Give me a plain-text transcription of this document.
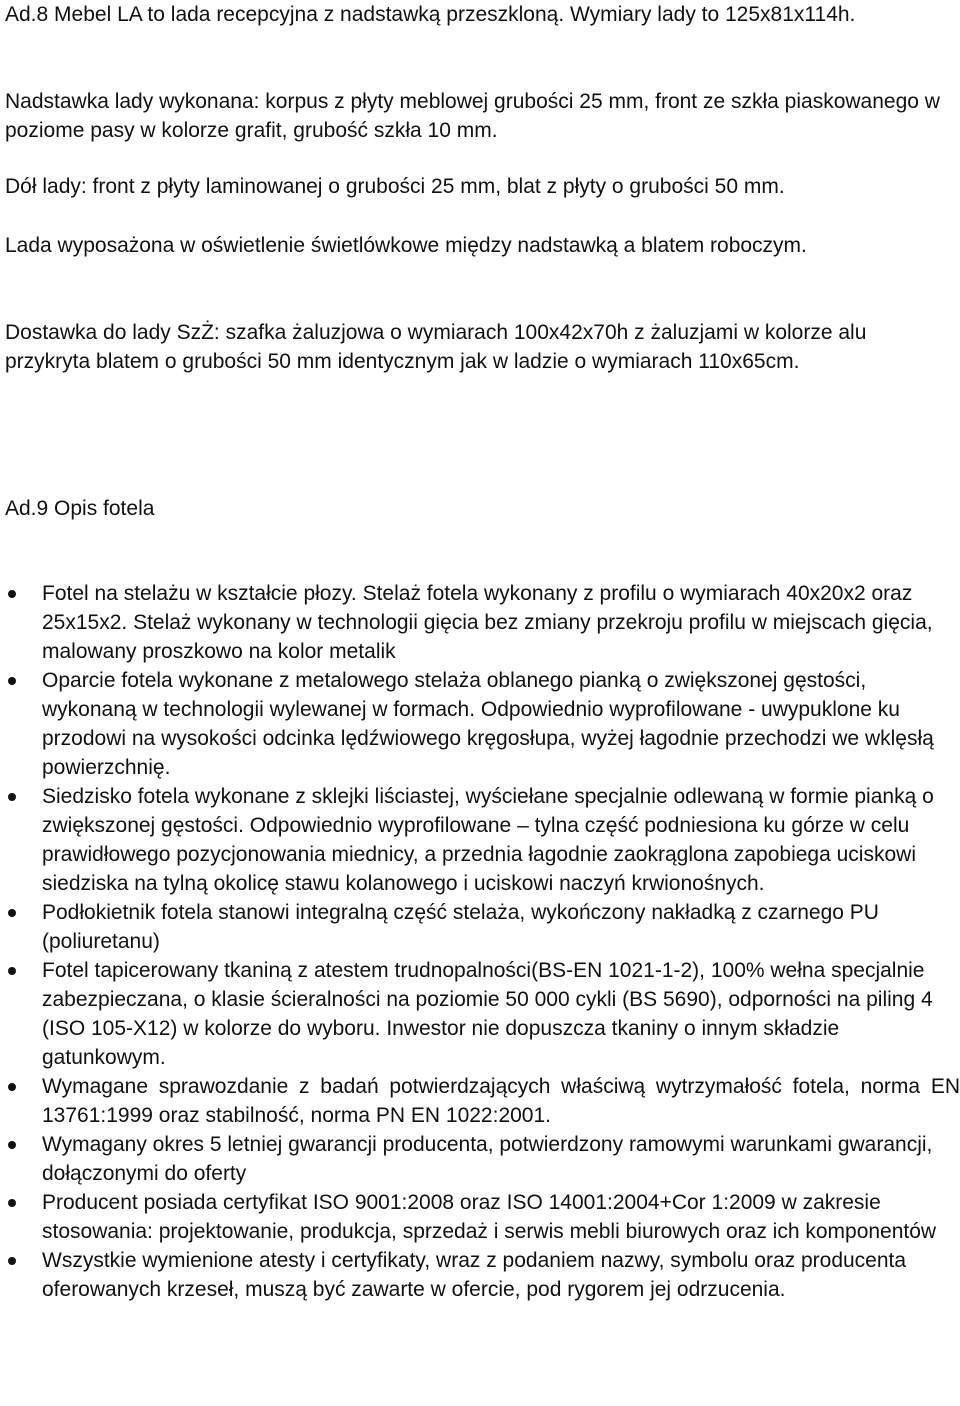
Ad.8 Mebel LA to lada recepcyjna z nadstawką przeszkloną. Wymiary lady to 125x81x114h.

Nadstawka lady wykonana: korpus z płyty meblowej grubości 25 mm, front ze szkła piaskowanego w poziome pasy w kolorze grafit, grubość szkła 10 mm.

Dół lady: front z płyty laminowanej o grubości 25 mm, blat z płyty o grubości 50 mm.

Lada wyposażona w oświetlenie świetlówkowe między nadstawką a blatem roboczym.

Dostawka do lady SzŻ: szafka żaluzjowa o wymiarach 100x42x70h z żaluzjami w kolorze alu przykryta blatem o grubości 50 mm identycznym jak w ladzie o wymiarach 110x65cm.

Ad.9 Opis fotela

Fotel na stelażu w kształcie płozy. Stelaż fotela wykonany z profilu o wymiarach 40x20x2 oraz 25x15x2. Stelaż wykonany w technologii gięcia bez zmiany przekroju profilu w miejscach gięcia, malowany proszkowo na kolor metalik
Oparcie fotela wykonane z metalowego stelaża oblanego pianką o zwiększonej gęstości, wykonaną w technologii wylewanej w formach. Odpowiednio wyprofilowane - uwypuklone ku przodowi na wysokości odcinka lędźwiowego kręgosłupa, wyżej łagodnie przechodzi we wklęsłą powierzchnię.
Siedzisko fotela wykonane z sklejki liściastej, wyściełane specjalnie odlewaną w formie pianką o zwiększonej gęstości. Odpowiednio wyprofilowane – tylna część podniesiona ku górze w celu prawidłowego pozycjonowania miednicy, a przednia łagodnie zaokrąglona zapobiega uciskowi siedziska na tylną okolicę stawu kolanowego i uciskowi naczyń krwionośnych.
Podłokietnik fotela stanowi integralną część stelaża, wykończony nakładką z czarnego PU (poliuretanu)
Fotel tapicerowany tkaniną z atestem trudnopalności(BS-EN 1021-1-2), 100% wełna specjalnie zabezpieczana, o klasie ścieralności na poziomie 50 000 cykli (BS 5690), odporności na piling 4 (ISO 105-X12) w kolorze do wyboru. Inwestor nie dopuszcza tkaniny o innym składzie gatunkowym.
Wymagane sprawozdanie z badań potwierdzających właściwą wytrzymałość fotela, norma EN 13761:1999 oraz stabilność, norma PN EN 1022:2001.
Wymagany okres 5 letniej gwarancji producenta, potwierdzony ramowymi warunkami gwarancji, dołączonymi do oferty
Producent posiada certyfikat ISO 9001:2008 oraz ISO 14001:2004+Cor 1:2009 w zakresie stosowania: projektowanie, produkcja, sprzedaż i serwis mebli biurowych oraz ich komponentów
Wszystkie wymienione atesty i certyfikaty, wraz z podaniem nazwy, symbolu oraz producenta oferowanych krzeseł, muszą być zawarte w ofercie, pod rygorem jej odrzucenia.
